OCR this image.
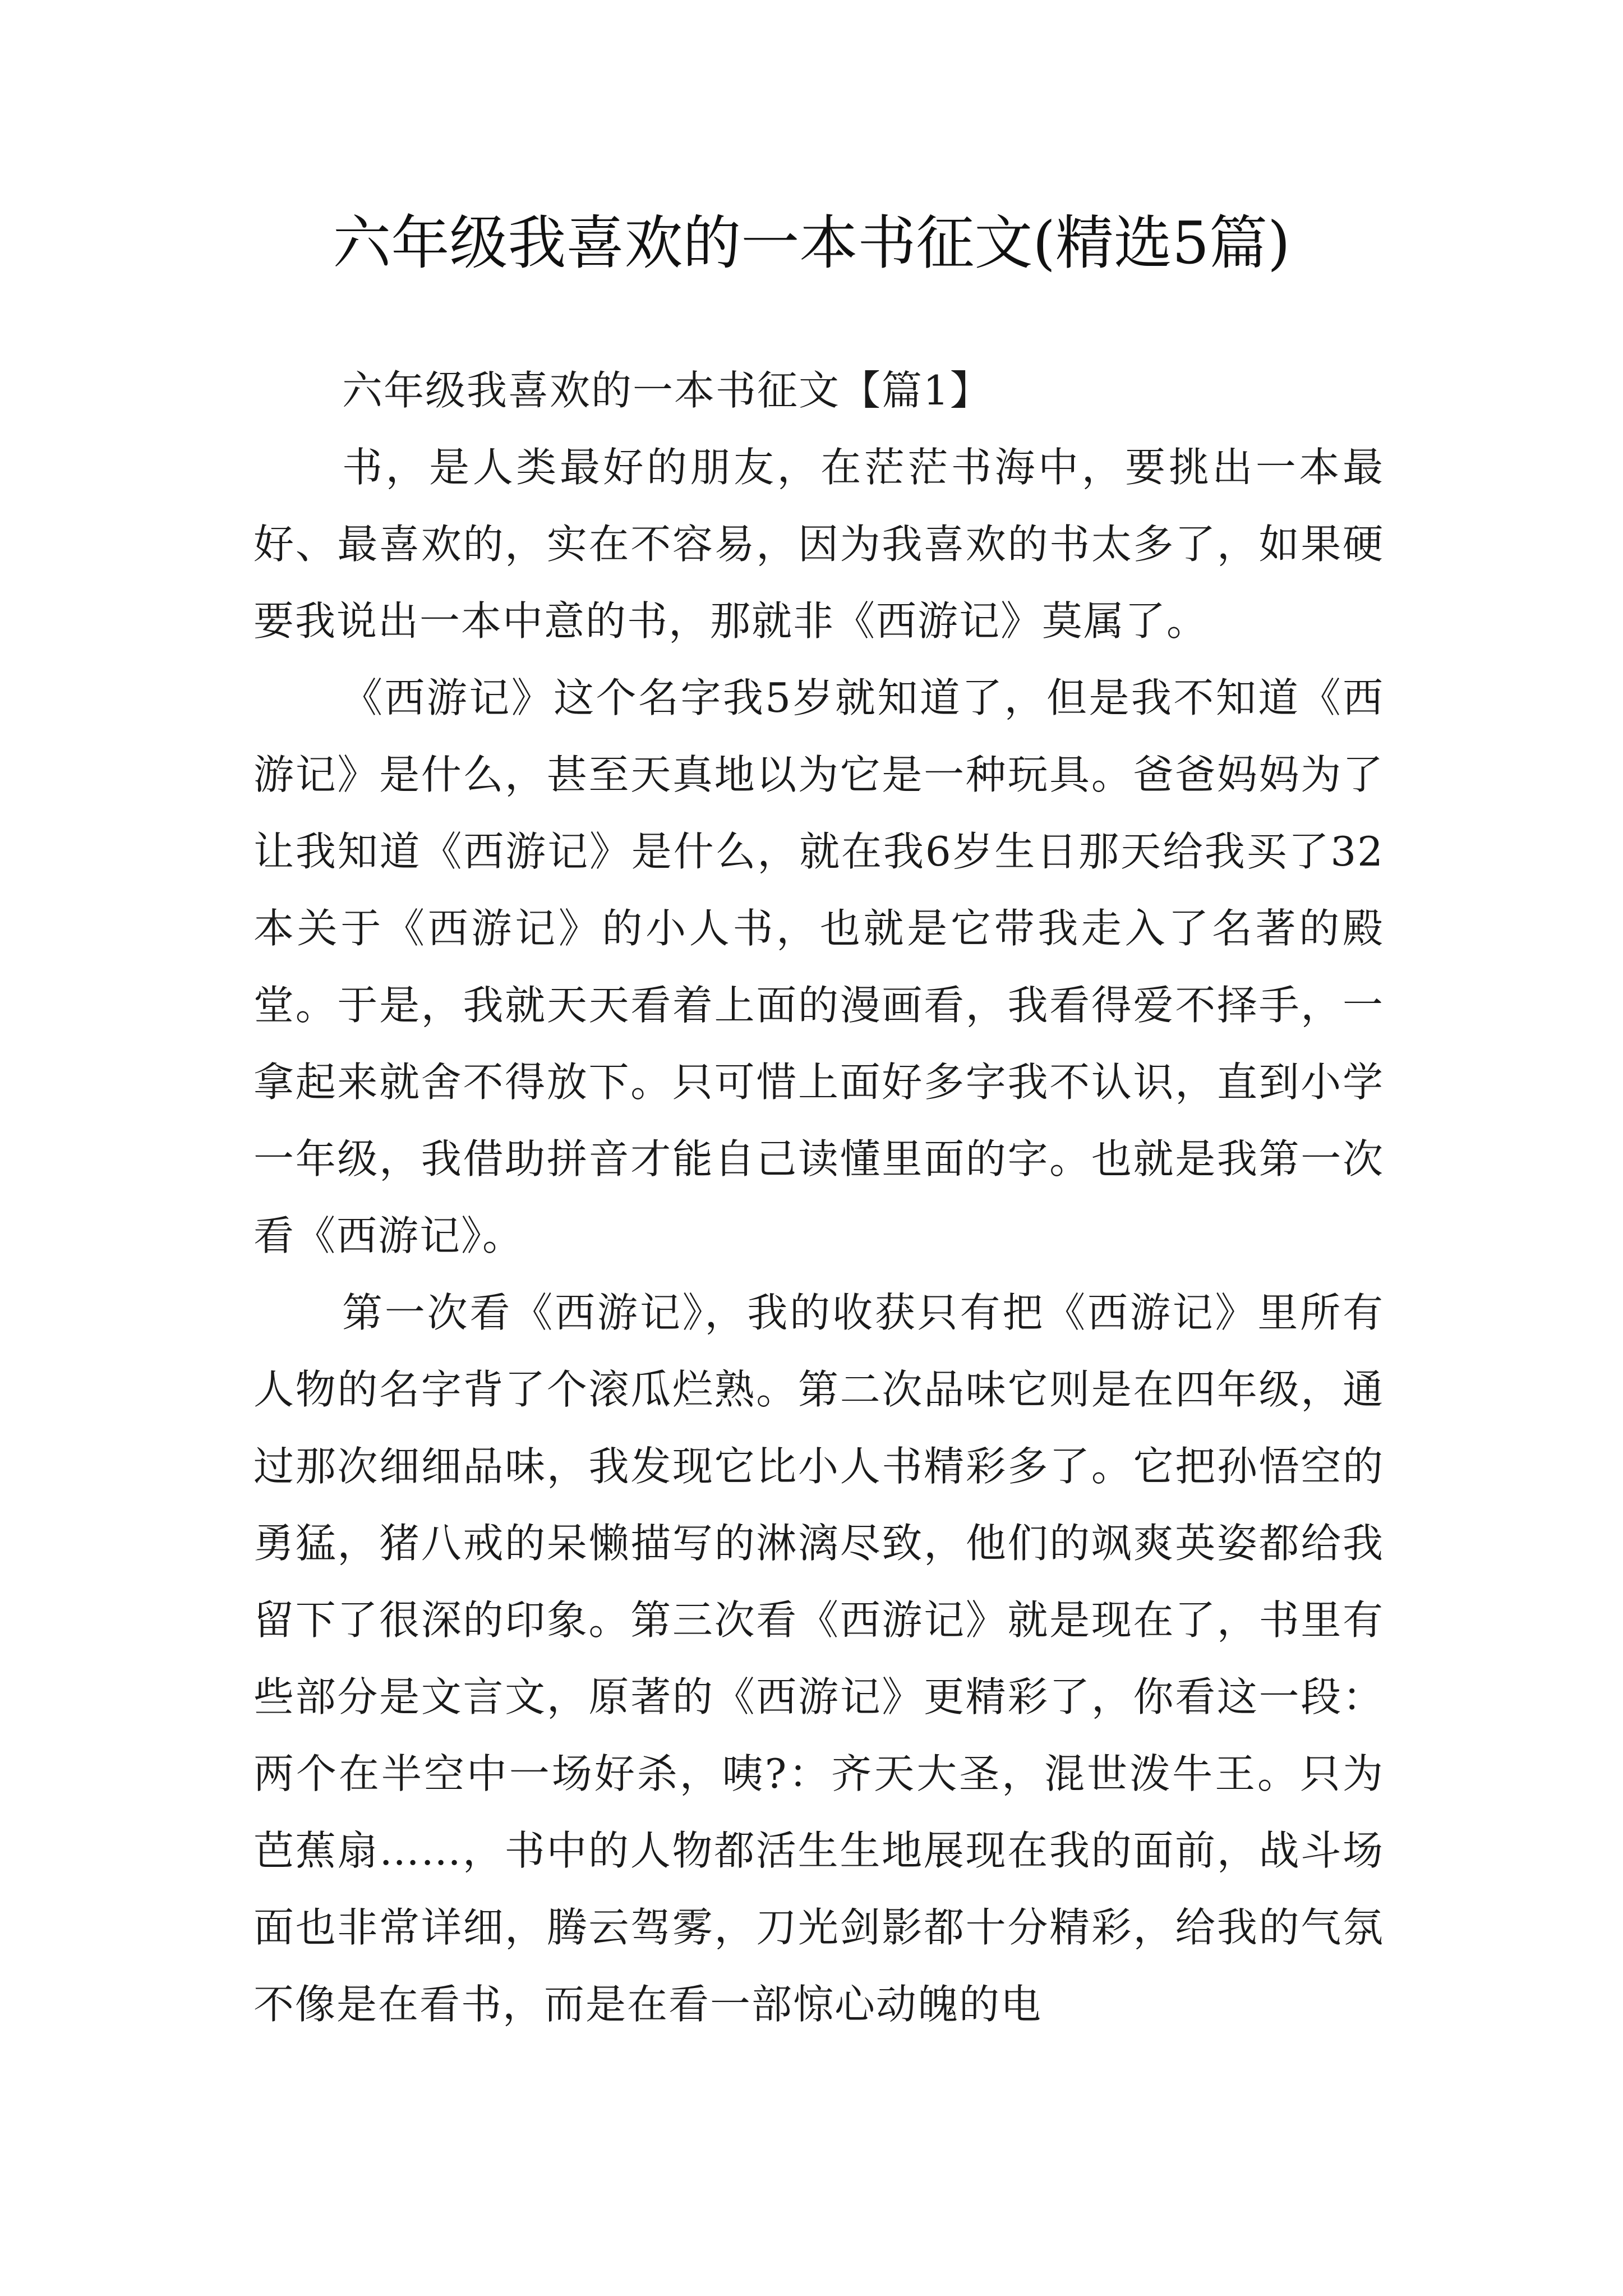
六年级我喜欢的一本书征文(精选5篇)

六年级我喜欢的一本书征文【篇1】

书，是人类最好的朋友，在茫茫书海中，要挑出一本最好、最喜欢的，实在不容易，因为我喜欢的书太多了，如果硬要我说出一本中意的书，那就非《西游记》莫属了。

《西游记》这个名字我5岁就知道了，但是我不知道《西游记》是什么，甚至天真地以为它是一种玩具。爸爸妈妈为了让我知道《西游记》是什么，就在我6岁生日那天给我买了32本关于《西游记》的小人书，也就是它带我走入了名著的殿堂。于是，我就天天看着上面的漫画看，我看得爱不择手，一拿起来就舍不得放下。只可惜上面好多字我不认识，直到小学一年级，我借助拼音才能自己读懂里面的字。也就是我第一次看《西游记》。

第一次看《西游记》，我的收获只有把《西游记》里所有人物的名字背了个滚瓜烂熟。第二次品味它则是在四年级，通过那次细细品味，我发现它比小人书精彩多了。它把孙悟空的勇猛，猪八戒的呆懒描写的淋漓尽致，他们的飒爽英姿都给我留下了很深的印象。第三次看《西游记》就是现在了，书里有些部分是文言文，原著的《西游记》更精彩了，你看这一段：两个在半空中一场好杀，咦?：齐天大圣，混世泼牛王。只为芭蕉扇……，书中的人物都活生生地展现在我的面前，战斗场面也非常详细，腾云驾雾，刀光剑影都十分精彩，给我的气氛不像是在看书，而是在看一部惊心动魄的电
